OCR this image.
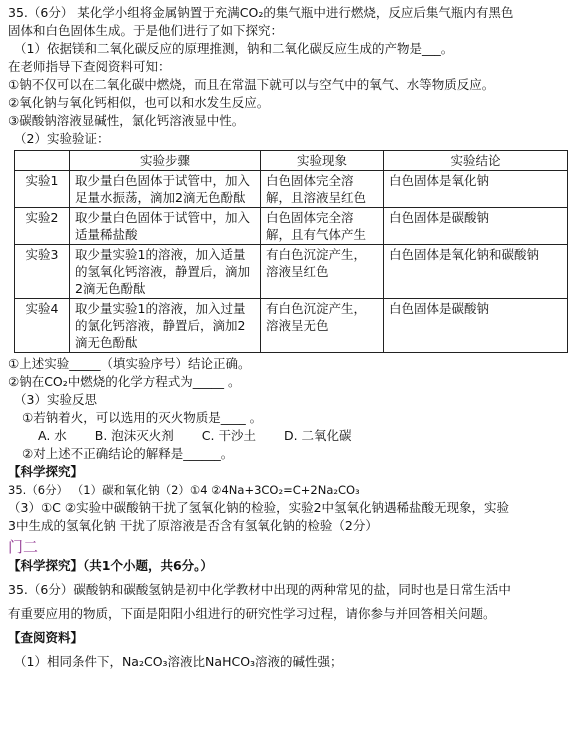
35.（6分） 某化学小组将金属钠置于充满CO₂的集气瓶中进行燃烧，反应后集气瓶内有黑色
固体和白色固体生成。于是他们进行了如下探究：
（1）依据镁和二氧化碳反应的原理推测，钠和二氧化碳反应生成的产物是___。
在老师指导下查阅资料可知：
①钠不仅可以在二氧化碳中燃烧，而且在常温下就可以与空气中的氧气、水等物质反应。
②氧化钠与氧化钙相似，也可以和水发生反应。
③碳酸钠溶液显碱性，氯化钙溶液显中性。
（2）实验验证：
	实验步骤	实验现象	实验结论
实验1	取少量白色固体于试管中，加入足量水振荡，滴加2滴无色酚酞	白色固体完全溶解，且溶液呈红色	白色固体是氧化钠
实验2	取少量白色固体于试管中，加入适量稀盐酸	白色固体完全溶解，且有气体产生	白色固体是碳酸钠
实验3	取少量实验1的溶液，加入适量的氢氧化钙溶液，静置后，滴加2滴无色酚酞	有白色沉淀产生，溶液呈红色	白色固体是氧化钠和碳酸钠
实验4	取少量实验1的溶液，加入过量的氯化钙溶液，静置后，滴加2滴无色酚酞	有白色沉淀产生，溶液呈无色	白色固体是碳酸钠
①上述实验_____（填实验序号）结论正确。
②钠在CO₂中燃烧的化学方程式为_____ 。
（3）实验反思
①若钠着火，可以选用的灭火物质是____ 。
A. 水 B. 泡沫灭火剂 C. 干沙土 D. 二氧化碳
②对上述不正确结论的解释是______。
【科学探究】
35.（6分） （1）碳和氧化钠（2）①4 ②4Na+3CO₂=C+2Na₂CO₃
（3）①C ②实验中碳酸钠干扰了氢氧化钠的检验，实验2中氢氧化钠遇稀盐酸无现象，实验
3中生成的氢氧化钠 干扰了原溶液是否含有氢氧化钠的检验（2分）
门二
【科学探究】（共1个小题，共6分。）
35.（6分）碳酸钠和碳酸氢钠是初中化学教材中出现的两种常见的盐，同时也是日常生活中
有重要应用的物质，下面是阳阳小组进行的研究性学习过程，请你参与并回答相关问题。
【查阅资料】
（1）相同条件下，Na₂CO₃溶液比NaHCO₃溶液的碱性强；
